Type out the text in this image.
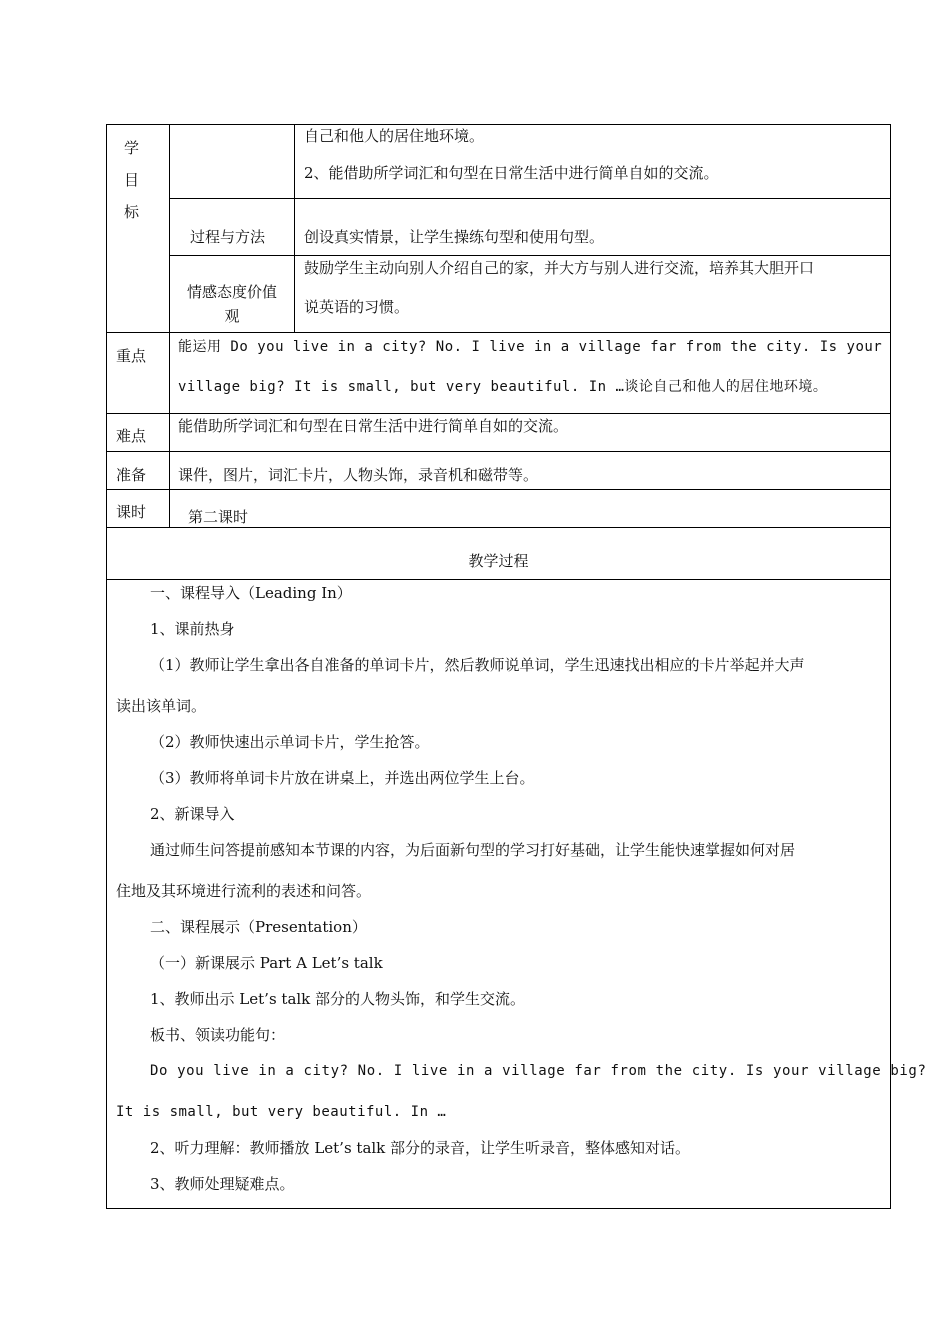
学
目
标
自己和他人的居住地环境。
2、能借助所学词汇和句型在日常生活中进行简单自如的交流。
过程与方法	创设真实情景，让学生操练句型和使用句型。
情感态度价值
观
鼓励学生主动向别人介绍自己的家，并大方与别人进行交流，培养其大胆开口
说英语的习惯。
重点 能运用 Do you live in a city? No. I live in a village far from the city. Is your
village big? It is small, but very beautiful. In …谈论自己和他人的居住地环境。
难点
能借助所学词汇和句型在日常生活中进行简单自如的交流。
准备 课件，图片，词汇卡片，人物头饰，录音机和磁带等。
课时	第二课时
教学过程
一、课程导入（Leading In）
1、课前热身
（1）教师让学生拿出各自准备的单词卡片，然后教师说单词，学生迅速找出相应的卡片举起并大声
读出该单词。
（2）教师快速出示单词卡片，学生抢答。
（3）教师将单词卡片放在讲桌上，并选出两位学生上台。
2、新课导入
通过师生问答提前感知本节课的内容，为后面新句型的学习打好基础，让学生能快速掌握如何对居
住地及其环境进行流利的表述和问答。
二、课程展示（Presentation）
（一）新课展示 Part A Let’s talk
1、教师出示 Let’s talk 部分的人物头饰，和学生交流。
板书、领读功能句：
Do you live in a city? No. I live in a village far from the city. Is your village big?
It is small, but very beautiful. In …
2、听力理解：教师播放 Let’s talk 部分的录音，让学生听录音，整体感知对话。
3、教师处理疑难点。
